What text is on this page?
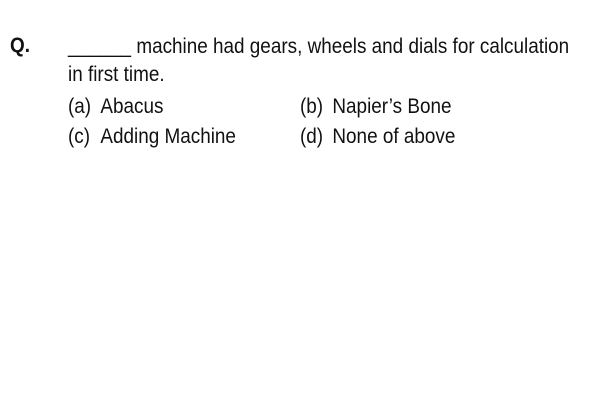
Q. ______ machine had gears, wheels and dials for calculation
in first time.
(a) Abacus	(b) Napier’s Bone
(c) Adding Machine	(d) None of above
